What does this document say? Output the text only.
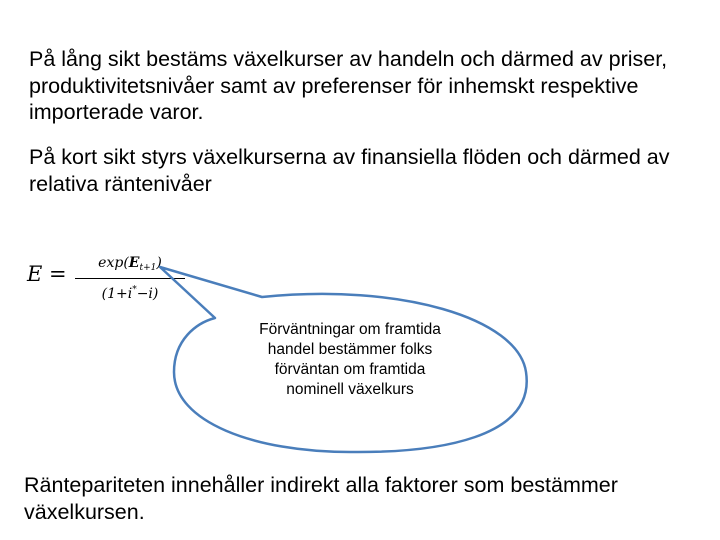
På lång sikt bestäms växelkurser av handeln och därmed av priser, produktivitetsnivåer samt av preferenser för inhemskt respektive importerade varor.

På kort sikt styrs växelkurserna av finansiella flöden och därmed av relativa räntenivåer

$E = \frac{\exp(E_{t+1})}{(1+i^*-i)}$
Förväntningar om framtida
handel bestämmer folks
förväntan om framtida
nominell växelkurs

Räntepariteten innehåller indirekt alla faktorer som bestämmer växelkursen.
